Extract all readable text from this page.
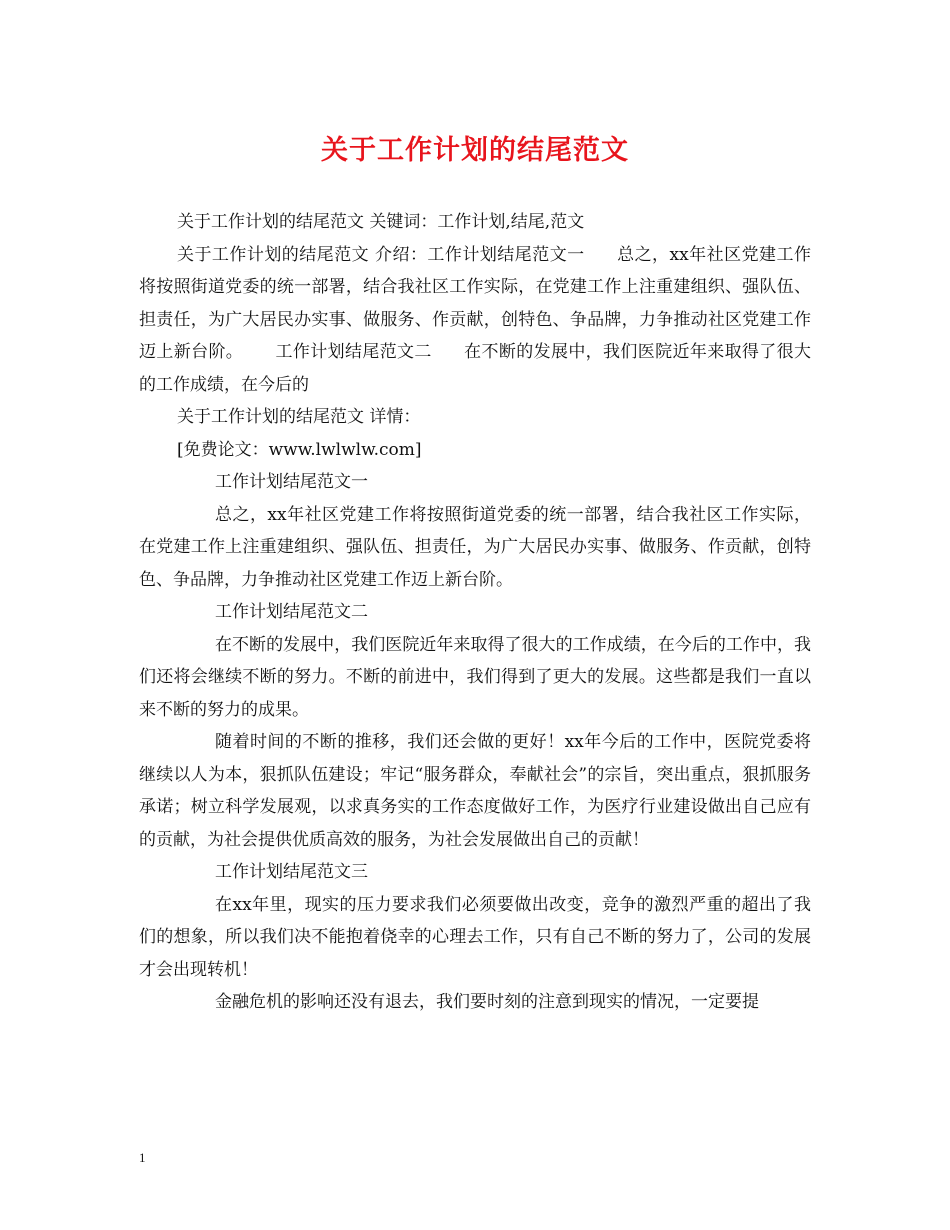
关于工作计划的结尾范文

关于工作计划的结尾范文 关键词：工作计划,结尾,范文

关于工作计划的结尾范文 介绍：工作计划结尾范文一 总之，xx年社区党建工作将按照街道党委的统一部署，结合我社区工作实际，在党建工作上注重建组织、强队伍、担责任，为广大居民办实事、做服务、作贡献，创特色、争品牌，力争推动社区党建工作迈上新台阶。 工作计划结尾范文二 在不断的发展中，我们医院近年来取得了很大的工作成绩，在今后的

关于工作计划的结尾范文 详情：

[免费论文：www.lwlwlw.com]

工作计划结尾范文一

总之，xx年社区党建工作将按照街道党委的统一部署，结合我社区工作实际，在党建工作上注重建组织、强队伍、担责任，为广大居民办实事、做服务、作贡献，创特色、争品牌，力争推动社区党建工作迈上新台阶。

工作计划结尾范文二

在不断的发展中，我们医院近年来取得了很大的工作成绩，在今后的工作中，我们还将会继续不断的努力。不断的前进中，我们得到了更大的发展。这些都是我们一直以来不断的努力的成果。

随着时间的不断的推移，我们还会做的更好！xx年今后的工作中，医院党委将继续以人为本，狠抓队伍建设；牢记“服务群众，奉献社会”的宗旨，突出重点，狠抓服务承诺；树立科学发展观，以求真务实的工作态度做好工作，为医疗行业建设做出自己应有的贡献，为社会提供优质高效的服务，为社会发展做出自己的贡献！

工作计划结尾范文三

在xx年里，现实的压力要求我们必须要做出改变，竞争的激烈严重的超出了我们的想象，所以我们决不能抱着侥幸的心理去工作，只有自己不断的努力了，公司的发展才会出现转机！

金融危机的影响还没有退去，我们要时刻的注意到现实的情况，一定要提

1
